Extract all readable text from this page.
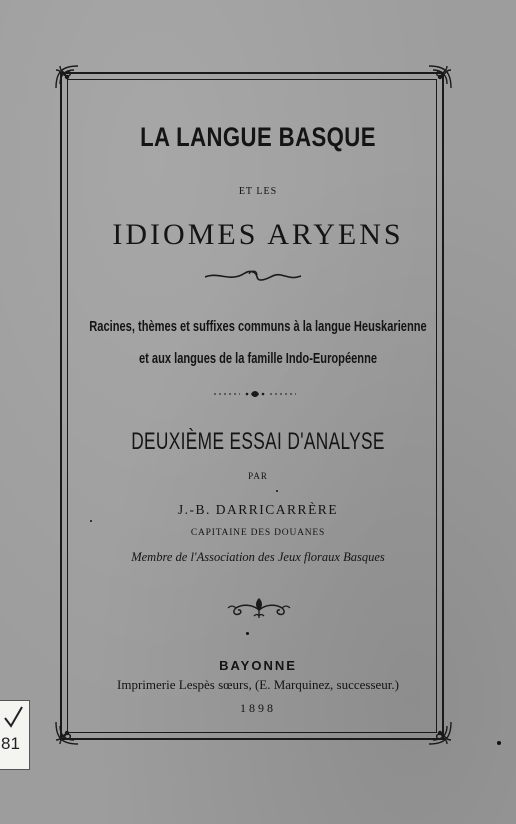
LA LANGUE BASQUE
ET LES
IDIOMES ARYENS
Racines, thèmes et suffixes communs à la langue Heuskarienne
et aux langues de la famille Indo-Européenne
DEUXIÈME ESSAI D'ANALYSE
PAR
J.-B. DARRICARRÈRE
CAPITAINE DES DOUANES
Membre de l'Association des Jeux floraux Basques
BAYONNE
Imprimerie Lespès sœurs, (E. Marquinez, successeur.)
1898
81
